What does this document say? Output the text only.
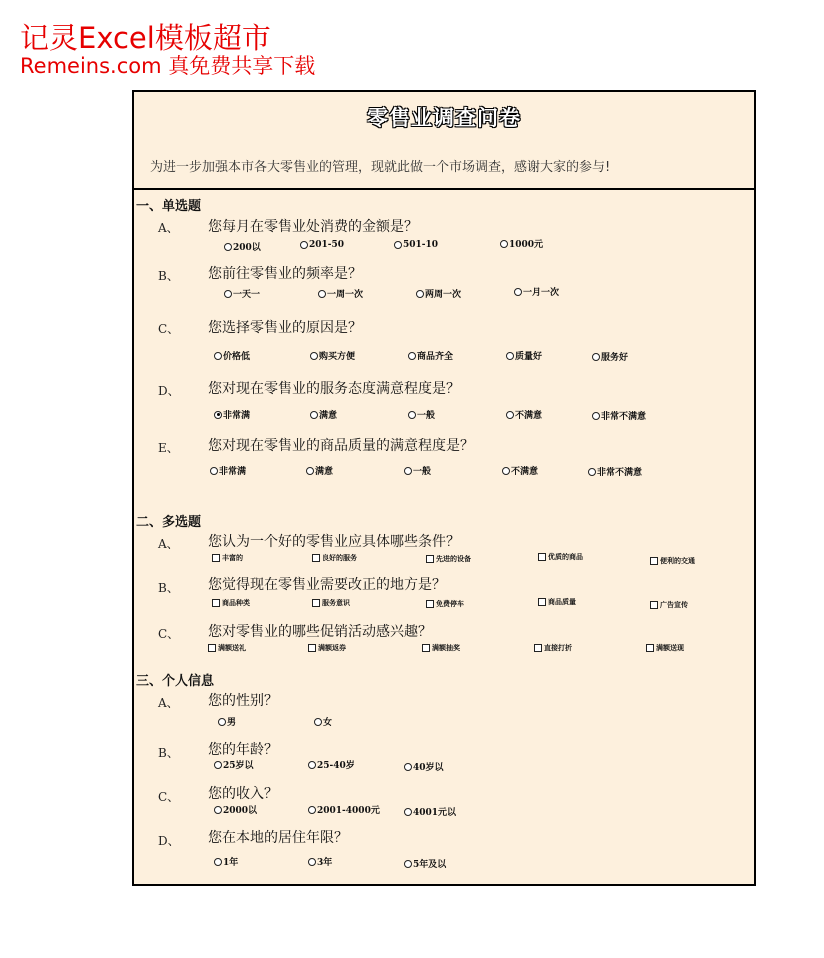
记灵Excel模板超市
Remeins.com 真免费共享下载
零售业调查问卷
为进一步加强本市各大零售业的管理，现就此做一个市场调查，感谢大家的参与!
一、单选题
A、 您每月在零售业处消费的金额是？
200以	201-50	501-10	1000元
B、 您前往零售业的频率是？
一天一	一周一次	两周一次	一月一次
C、 您选择零售业的原因是？
价格低	购买方便	商品齐全	质量好	服务好
D、 您对现在零售业的服务态度满意程度是？
非常满	满意	一般	不满意	非常不满意
E、 您对现在零售业的商品质量的满意程度是？
非常满	满意	一般	不满意	非常不满意
二、多选题
A、 您认为一个好的零售业应具体哪些条件？
丰富的	良好的服务	先进的设备	优质的商品	便利的交通
B、 您觉得现在零售业需要改正的地方是？
商品种类	服务意识	免费停车	商品质量	广告宣传
C、 您对零售业的哪些促销活动感兴趣？
满额送礼	满额返券	满额抽奖	直接打折	满额送现
三、个人信息
A、 您的性别？
男	女
B、 您的年龄？
25岁以	25-40岁	40岁以
C、 您的收入？
2000以	2001-4000元	4001元以
D、 您在本地的居住年限？
1年	3年	5年及以
